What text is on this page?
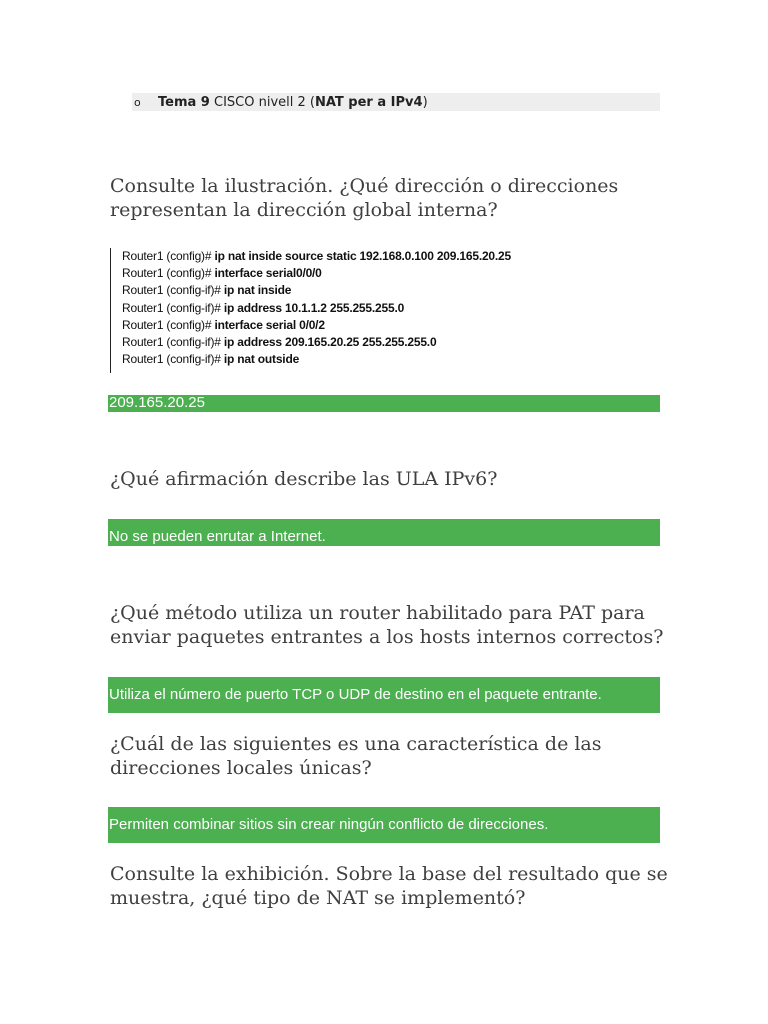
o	Tema 9
CISCO nivell 2 ( NAT per a IPv4 )

Consulte la ilustración. ¿Qué dirección o direcciones representan la dirección global interna?

Router1 (config)# ip nat inside source static 192.168.0.100 209.165.20.25
Router1 (config)# interface serial0/0/0
Router1 (config-if)# ip nat inside
Router1 (config-if)# ip address 10.1.1.2 255.255.255.0
Router1 (config)# interface serial 0/0/2
Router1 (config-if)# ip address 209.165.20.25 255.255.255.0
Router1 (config-if)# ip nat outside
209.165.20.25

¿Qué afirmación describe las ULA IPv6?

No se pueden enrutar a Internet.

¿Qué método utiliza un router habilitado para PAT para enviar paquetes entrantes a los hosts internos correctos?

Utiliza el número de puerto TCP o UDP de destino en el paquete entrante.

¿Cuál de las siguientes es una característica de las direcciones locales únicas?

Permiten combinar sitios sin crear ningún conflicto de direcciones.

Consulte la exhibición. Sobre la base del resultado que se muestra, ¿qué tipo de NAT se implementó?
